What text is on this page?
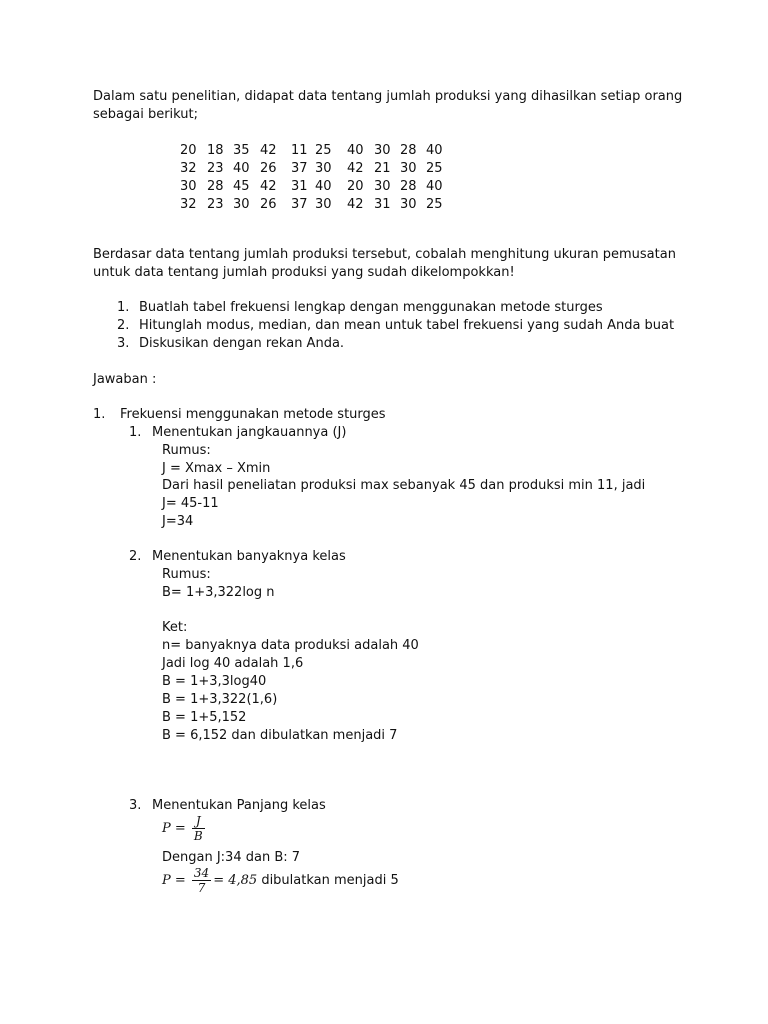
Dalam satu penelitian, didapat data tentang jumlah produksi yang dihasilkan setiap orang
sebagai berikut;
20 18 35 42 11 25 40 30 28 40
32 23 40 26 37 30 42 21 30 25
30 28 45 42 31 40 20 30 28 40
32 23 30 26 37 30 42 31 30 25
Berdasar data tentang jumlah produksi tersebut, cobalah menghitung ukuran pemusatan
untuk data tentang jumlah produksi yang sudah dikelompokkan!
1. Buatlah tabel frekuensi lengkap dengan menggunakan metode sturges
2. Hitunglah modus, median, dan mean untuk tabel frekuensi yang sudah Anda buat
3. Diskusikan dengan rekan Anda.
Jawaban :
1. Frekuensi menggunakan metode sturges
1. Menentukan jangkauannya (J)
Rumus:
J = Xmax – Xmin
Dari hasil peneliatan produksi max sebanyak 45 dan produksi min 11, jadi
J= 45-11
J=34
2. Menentukan banyaknya kelas
Rumus:
B= 1+3,322log n
Ket:
n= banyaknya data produksi adalah 40
Jadi log 40 adalah 1,6
B = 1+3,3log40
B = 1+3,322(1,6)
B = 1+5,152
B = 6,152 dan dibulatkan menjadi 7
3. Menentukan Panjang kelas
$P = \frac{J}{B}$
Dengan J:34 dan B: 7
$P = \frac{34}{7} = 4,85$ dibulatkan menjadi 5
